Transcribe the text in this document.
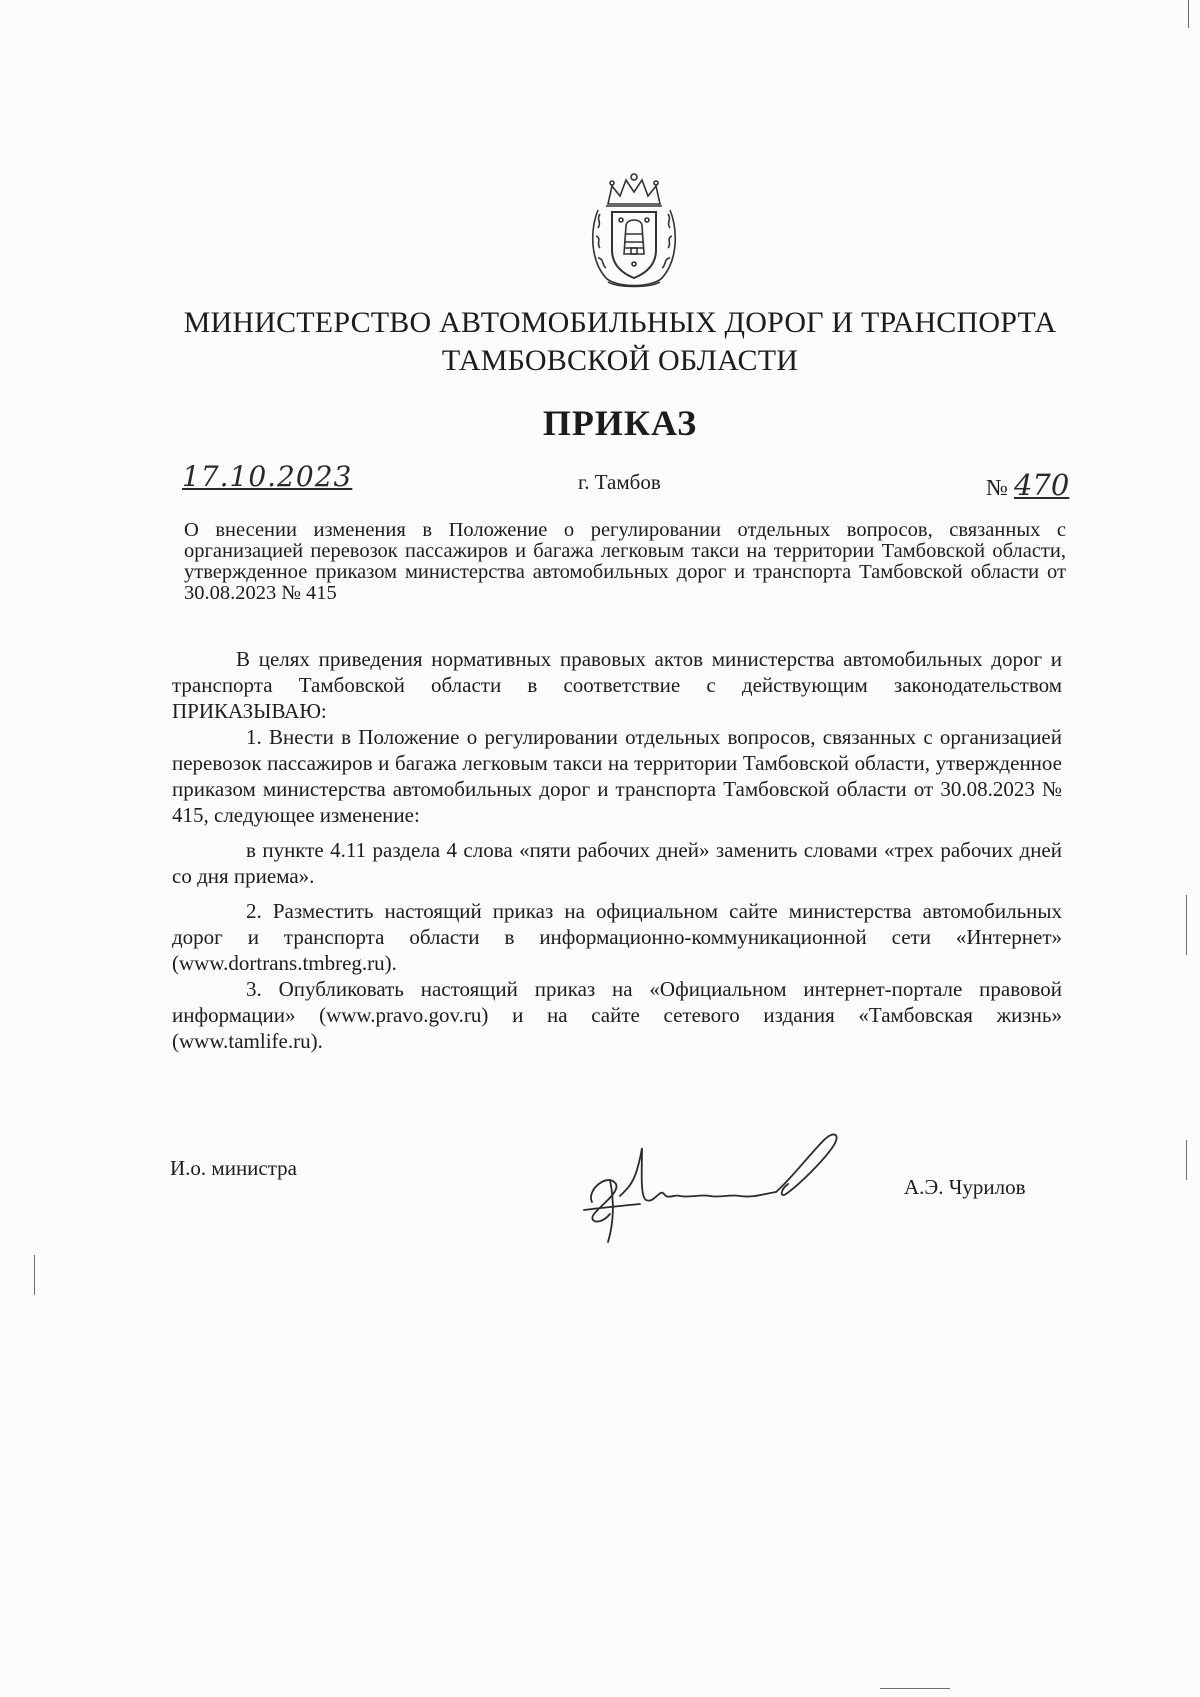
МИНИСТЕРСТВО АВТОМОБИЛЬНЫХ ДОРОГ И ТРАНСПОРТА
ТАМБОВСКОЙ ОБЛАСТИ
ПРИКАЗ
17.10.2023	г. Тамбов	№ 470
О внесении изменения в Положение о регулировании отдельных вопросов, связанных с организацией перевозок пассажиров и багажа легковым такси на территории Тамбовской области, утвержденное приказом министерства автомобильных дорог и транспорта Тамбовской области от 30.08.2023 № 415

В целях приведения нормативных правовых актов министерства автомобильных дорог и транспорта Тамбовской области в соответствие с действующим законодательством ПРИКАЗЫВАЮ:

1. Внести в Положение о регулировании отдельных вопросов, связанных с организацией перевозок пассажиров и багажа легковым такси на территории Тамбовской области, утвержденное приказом министерства автомобильных дорог и транспорта Тамбовской области от 30.08.2023 № 415, следующее изменение:

в пункте 4.11 раздела 4 слова «пяти рабочих дней» заменить словами «трех рабочих дней со дня приема».

2. Разместить настоящий приказ на официальном сайте министерства автомобильных дорог и транспорта области в информационно-коммуникационной сети «Интернет» (www.dortrans.tmbreg.ru).

3. Опубликовать настоящий приказ на «Официальном интернет-портале правовой информации» (www.pravo.gov.ru) и на сайте сетевого издания «Тамбовская жизнь» (www.tamlife.ru).

И.о. министра
А.Э. Чурилов
